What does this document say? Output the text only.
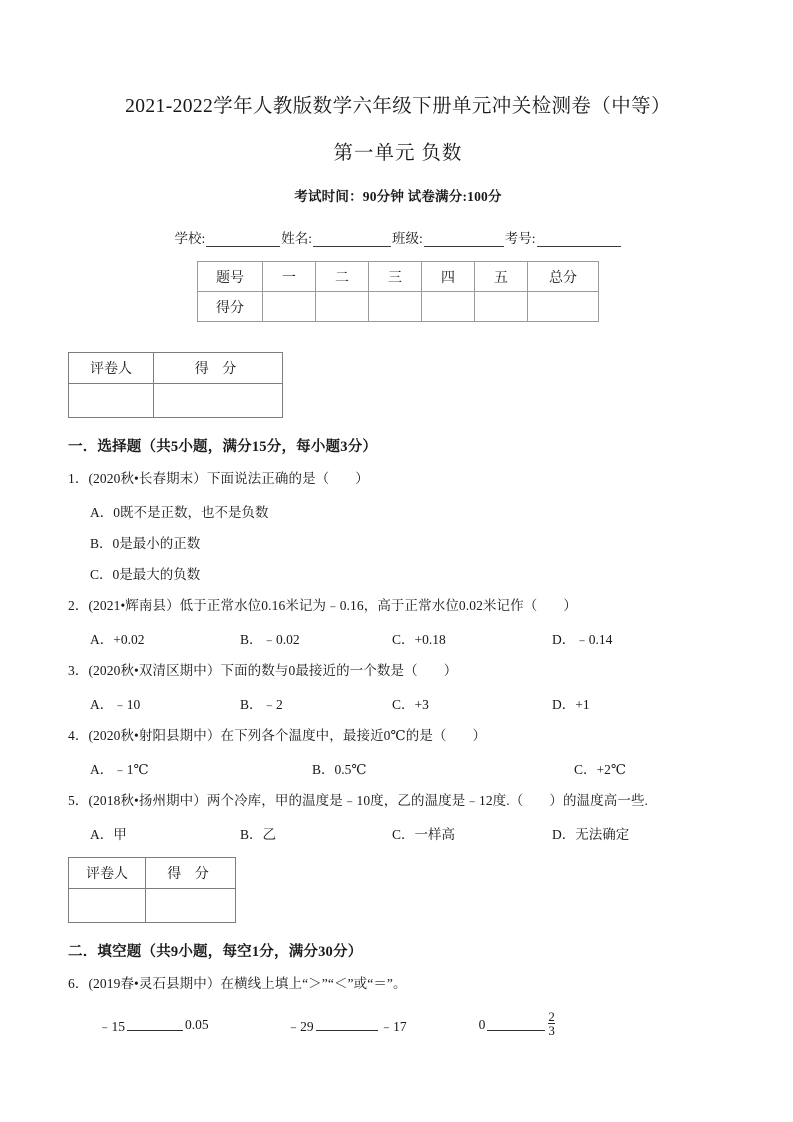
2021-2022学年人教版数学六年级下册单元冲关检测卷（中等）
第一单元 负数
考试时间：90分钟 试卷满分:100分
学校:	姓名:	班级:	考号:
题号	一	二	三	四	五	总分
得分						
评卷人	得 分

一．选择题（共5小题，满分15分，每小题3分）
1．(2020秋•长春期末）下面说法正确的是（ ）
A．0既不是正数，也不是负数
B．0是最小的正数
C．0是最大的负数
2．(2021•辉南县）低于正常水位0.16米记为﹣0.16，高于正常水位0.02米记作（ ）
A．+0.02	B．﹣0.02	C．+0.18	D．﹣0.14
3．(2020秋•双清区期中）下面的数与0最接近的一个数是（ ）
A．﹣10	B．﹣2	C．+3	D．+1
4．(2020秋•射阳县期中）在下列各个温度中，最接近0℃的是（ ）
A．﹣1℃	B．0.5℃	C．+2℃
5．(2018秋•扬州期中）两个冷库，甲的温度是﹣10度，乙的温度是﹣12度.（ ）的温度高一些.
A．甲	B．乙	C．一样高	D．无法确定
评卷人	得 分

二．填空题（共9小题，每空1分，满分30分）
6．(2019春•灵石县期中）在横线上填上“＞”“＜”或“＝”。
﹣15	0.05	﹣29	﹣17	0	$\frac{2}{3}$
